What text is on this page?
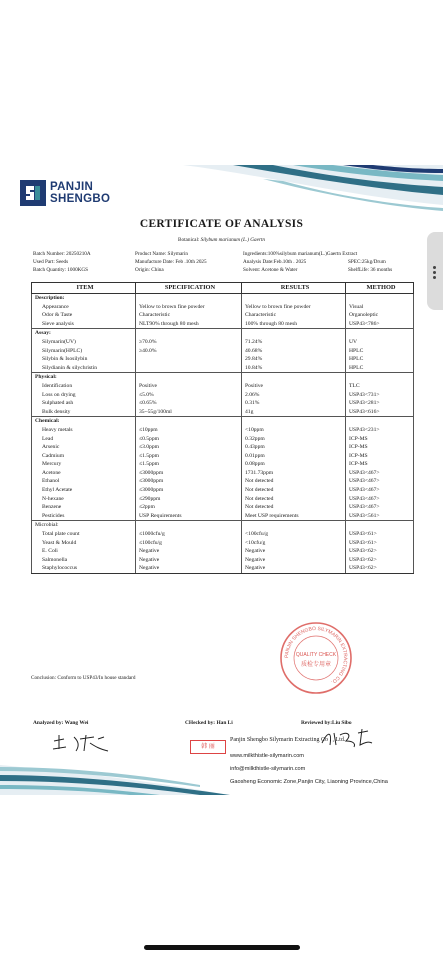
PANJIN
SHENGBO
CERTIFICATE OF ANALYSIS
Botanical: Silybum marianum (L.) Gaertn
Batch Number: 20250210A	Product Name: Silymarin	Ingredients:100%silybum marianum(L.)Gaertn Extract
Used Part: Seeds	Manufacture Date: Feb .10th 2025	Analysis Date:Feb.10th . 2025	SPEC:25kg/Drum
Batch Quantity: 1000KGS	Origin: China	Solvent: Acetone & Water	ShelfLife: 36 months
ITEM	SPECIFICATION	RESULTS	METHOD
Description:			
Appearance	Yellow to brown fine powder	Yellow to brown fine powder	Visual
Odor & Taste	Characteristic	Characteristic	Organoleptic
Sieve analysis	NLT90% through 80 mesh	100% through 80 mesh	USP43<786>
Assay:			
Silymarin(UV)	≥70.0%	71.24%	UV
Silymarin(HPLC)	≥40.0%	40.68%	HPLC
Silybin & Isosilybin		29.84%	HPLC
Silydianin & silychristin		10.84%	HPLC
Physical:			
Identification	Positive	Positive	TLC
Loss on drying	≤5.0%	2.06%	USP43<731>
Sulphated ash	≤0.65%	0.31%	USP43<281>
Bulk density	35~55g/100ml	41g	USP43<616>
Chemical:			
Heavy metals	≤10ppm	<10ppm	USP43<231>
Lead	≤0.5ppm	0.32ppm	ICP-MS
Arsenic	≤3.0ppm	0.43ppm	ICP-MS
Cadmium	≤1.5ppm	0.01ppm	ICP-MS
Mercury	≤1.5ppm	0.08ppm	ICP-MS
Acetone	≤3000ppm	1731.73ppm	USP43<467>
Ethanol	≤3000ppm	Not detected	USP43<467>
Ethyl Acetate	≤3000ppm	Not detected	USP43<467>
N-hexane	≤290ppm	Not detected	USP43<467>
Benzene	≤2ppm	Not detected	USP43<467>
Pesticides	USP Requirements	Meet USP requirements	USP43<561>
Microbial:			
Total plate count	≤1000cfu/g	<100cfu/g	USP43<61>
Yeast & Mould	≤100cfu/g	<10cfu/g	USP43<61>
E. Coli	Negative	Negative	USP43<62>
Salmonella	Negative	Negative	USP43<62>
Staphylococcus	Negative	Negative	USP43<62>
PANJIN SHENGBO SILYMARIN EXTRACTING CO.
QUALITY CHECK
质检专用章
Conclusion: Conform to USP43/In house standard
Analyzed by: Wang Wei	CHecked by: Han Li	Reviewed by:Liu Sibo
韩 丽
Panjin Shengbo Silymarin Extracting Co . , Ltd.
www.milkthistle-silymarin.com
info@milkthistle-silymarin.com
Gaosheng Economic Zone,Panjin City, Liaoning Province,China
